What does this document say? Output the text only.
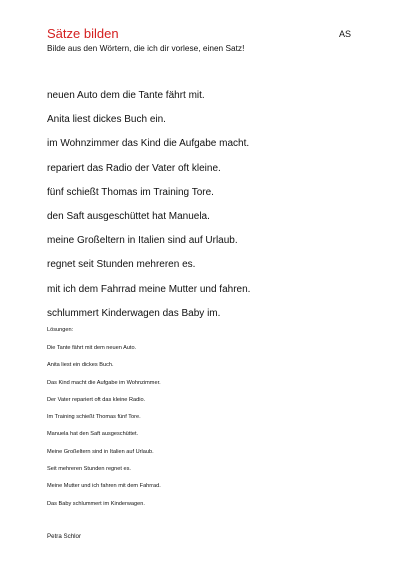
Sätze bilden	AS
Bilde aus den Wörtern, die ich dir vorlese, einen Satz!
neuen Auto dem die Tante fährt mit.
Anita liest dickes Buch ein.
im Wohnzimmer das Kind die Aufgabe macht.
repariert das Radio der Vater oft kleine.
fünf schießt Thomas im Training Tore.
den Saft ausgeschüttet hat Manuela.
meine Großeltern in Italien sind auf Urlaub.
regnet seit Stunden mehreren es.
mit ich dem Fahrrad meine Mutter und fahren.
schlummert Kinderwagen das Baby im.
Lösungen:
Die Tante fährt mit dem neuen Auto.
Anita liest ein dickes Buch.
Das Kind macht die Aufgabe im Wohnzimmer.
Der Vater repariert oft das kleine Radio.
Im Training schießt Thomas fünf Tore.
Manuela hat den Saft ausgeschüttet.
Meine Großeltern sind in Italien auf Urlaub.
Seit mehreren Stunden regnet es.
Meine Mutter und ich fahren mit dem Fahrrad.
Das Baby schlummert im Kinderwagen.
Petra Schlor
